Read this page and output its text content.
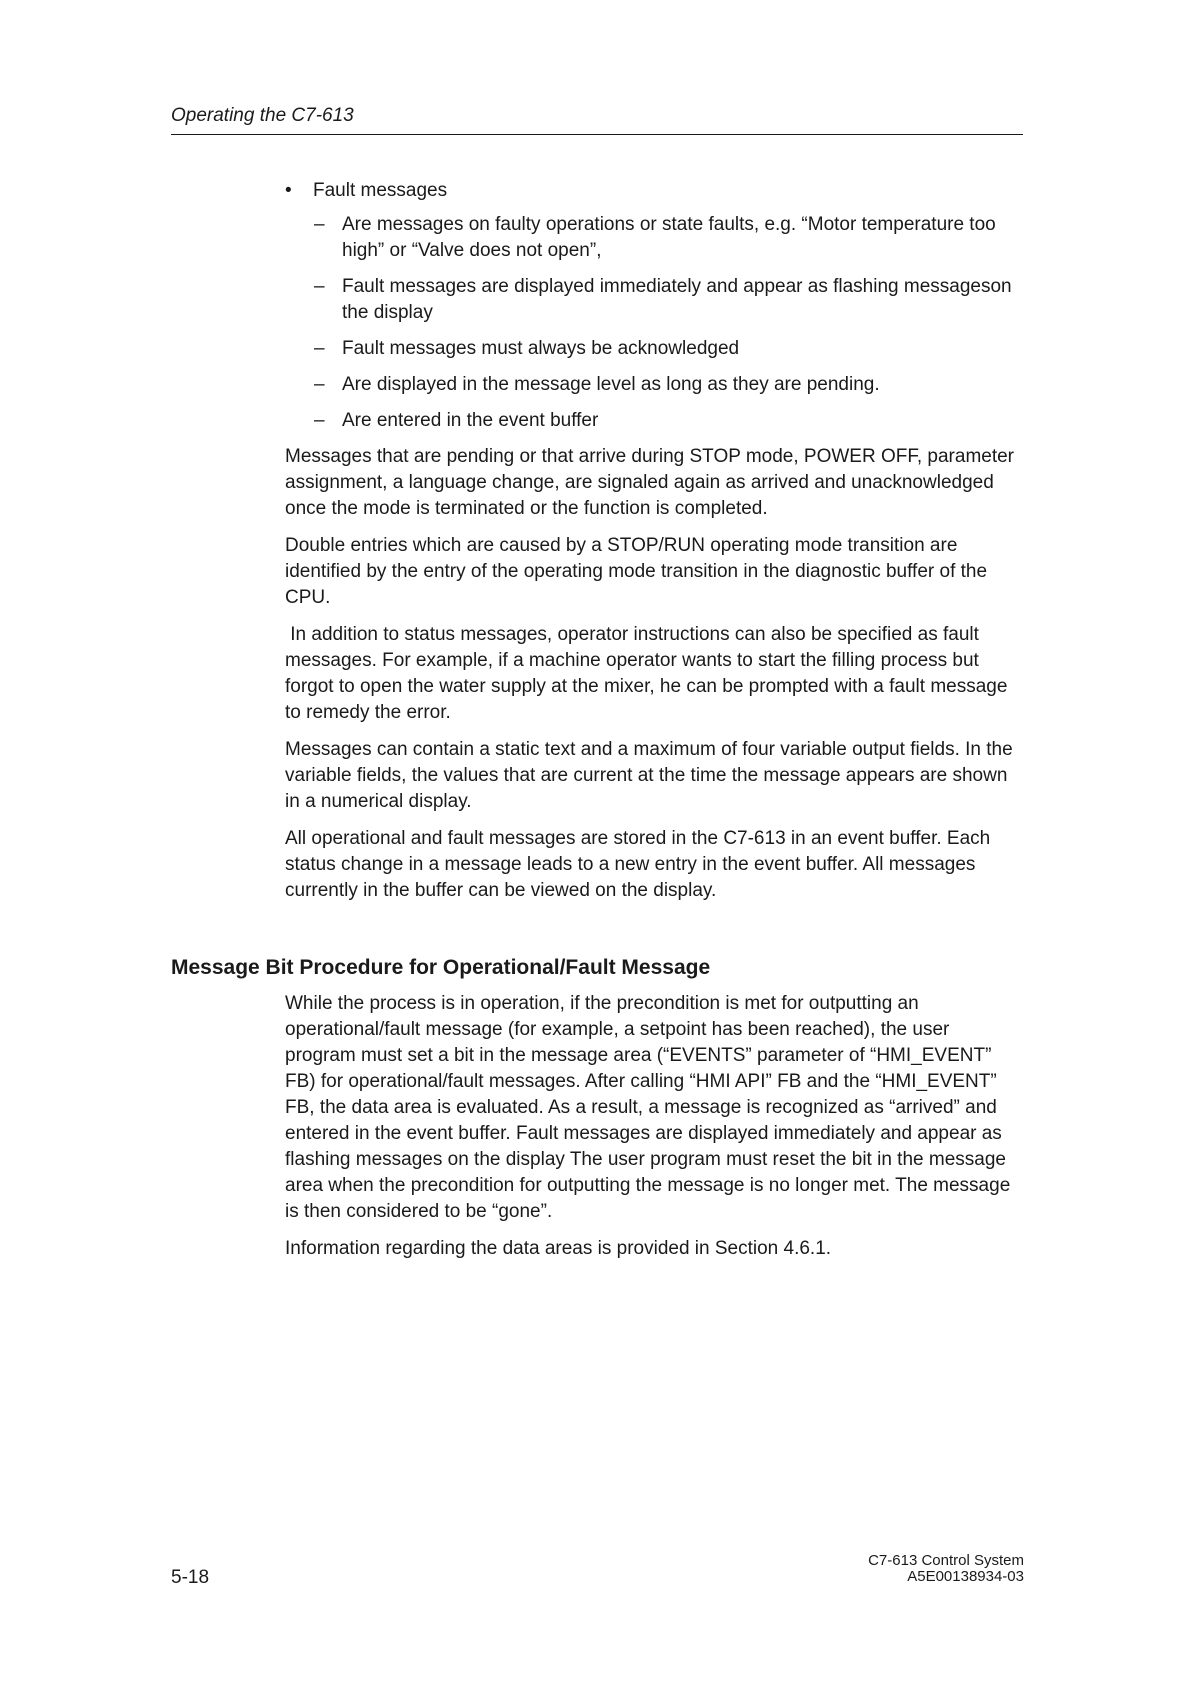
Operating the C7-613
• Fault messages
– Are messages on faulty operations or state faults, e.g. “Motor temperature too high” or “Valve does not open”,
– Fault messages are displayed immediately and appear as flashing messageson the display
– Fault messages must always be acknowledged
– Are displayed in the message level as long as they are pending.
– Are entered in the event buffer

Messages that are pending or that arrive during STOP mode, POWER OFF, parameter assignment, a language change, are signaled again as arrived and unacknowledged once the mode is terminated or the function is completed.

Double entries which are caused by a STOP/RUN operating mode transition are identified by the entry of the operating mode transition in the diagnostic buffer of the CPU.

In addition to status messages, operator instructions can also be specified as fault messages. For example, if a machine operator wants to start the filling process but forgot to open the water supply at the mixer, he can be prompted with a fault message to remedy the error.

Messages can contain a static text and a maximum of four variable output fields. In the variable fields, the values that are current at the time the message appears are shown in a numerical display.

All operational and fault messages are stored in the C7-613 in an event buffer. Each status change in a message leads to a new entry in the event buffer. All messages currently in the buffer can be viewed on the display.

Message Bit Procedure for Operational/Fault Message

While the process is in operation, if the precondition is met for outputting an operational/fault message (for example, a setpoint has been reached), the user program must set a bit in the message area (“EVENTS” parameter of “HMI_EVENT” FB) for operational/fault messages. After calling “HMI API” FB and the “HMI_EVENT” FB, the data area is evaluated. As a result, a message is recognized as “arrived” and entered in the event buffer. Fault messages are displayed immediately and appear as flashing messages on the display The user program must reset the bit in the message area when the precondition for outputting the message is no longer met. The message is then considered to be “gone”.

Information regarding the data areas is provided in Section 4.6.1.

5-18
C7-613 Control System
A5E00138934-03
